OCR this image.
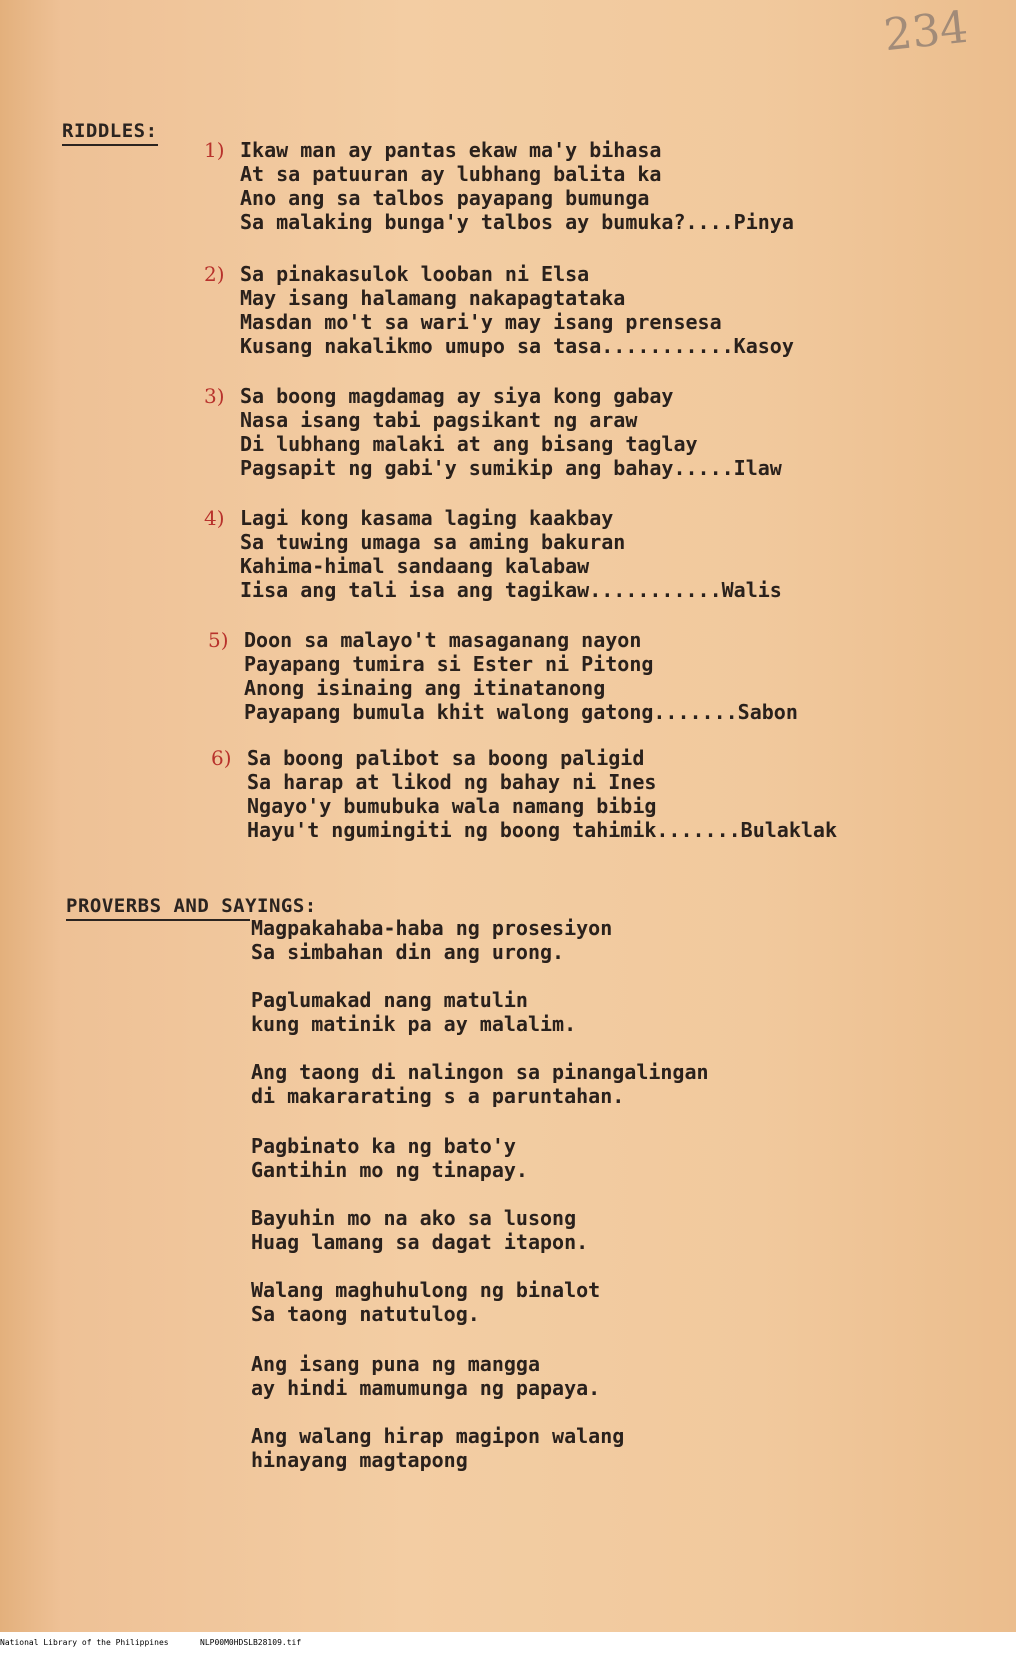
234
RIDDLES:
1) Ikaw man ay pantas ekaw ma'y bihasa
At sa patuuran ay lubhang balita ka
Ano ang sa talbos payapang bumunga
Sa malaking bunga'y talbos ay bumuka?....Pinya
2) Sa pinakasulok looban ni Elsa
May isang halamang nakapagtataka
Masdan mo't sa wari'y may isang prensesa
Kusang nakalikmo umupo sa tasa...........Kasoy
3) Sa boong magdamag ay siya kong gabay
Nasa isang tabi pagsikant ng araw
Di lubhang malaki at ang bisang taglay
Pagsapit ng gabi'y sumikip ang bahay.....Ilaw
4) Lagi kong kasama laging kaakbay
Sa tuwing umaga sa aming bakuran
Kahima-himal sandaang kalabaw
Iisa ang tali isa ang tagikaw...........Walis
5) Doon sa malayo't masaganang nayon
Payapang tumira si Ester ni Pitong
Anong isinaing ang itinatanong
Payapang bumula khit walong gatong.......Sabon
6) Sa boong palibot sa boong paligid
Sa harap at likod ng bahay ni Ines
Ngayo'y bumubuka wala namang bibig
Hayu't ngumingiti ng boong tahimik.......Bulaklak
PROVERBS AND SAYINGS:
Magpakahaba-haba ng prosesiyon
Sa simbahan din ang urong.
Paglumakad nang matulin
kung matinik pa ay malalim.
Ang taong di nalingon sa pinangalingan
di makararating s a paruntahan.
Pagbinato ka ng bato'y
Gantihin mo ng tinapay.
Bayuhin mo na ako sa lusong
Huag lamang sa dagat itapon.
Walang maghuhulong ng binalot
Sa taong natutulog.
Ang isang puna ng mangga
ay hindi mamumunga ng papaya.
Ang walang hirap magipon walang
hinayang magtapong

National Library of the Philippines

	NLP00M0HDSLB28109.tif
